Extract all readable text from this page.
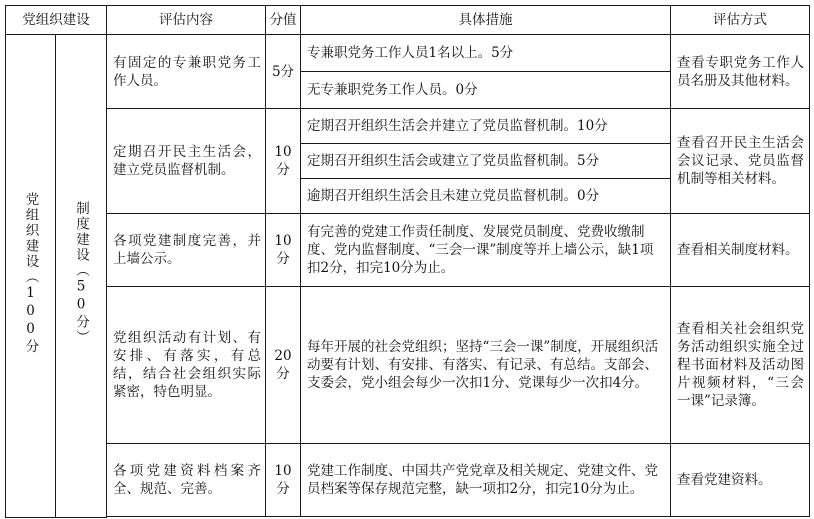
党组织建设		评估内容	分值	具体措施	评估方式
党组织建设（100分	制度建设（50分）	有固定的专兼职党务工作人员。	5分	专兼职党务工作人员1名以上。5分	查看专职党务工作人员名册及其他材料。
				无专兼职党务工作人员。0分	
		定期召开民主生活会，建立党员监督机制。	10分	定期召开组织生活会并建立了党员监督机制。10分	查看召开民主生活会会议记录、党员监督机制等相关材料。
				定期召开组织生活会或建立了党员监督机制。5分	
				逾期召开组织生活会且未建立党员监督机制。0分	
		各项党建制度完善，并上墙公示。	10分	有完善的党建工作责任制度、发展党员制度、党费收缴制度、党内监督制度、“三会一课”制度等并上墙公示，缺1项扣2分，扣完10分为止。	查看相关制度材料。
		党组织活动有计划、有安排、有落实，有总结，结合社会组织实际紧密，特色明显。	20分	每年开展的社会党组织；坚持“三会一课”制度，开展组织活动要有计划、有安排、有落实、有记录、有总结。支部会、支委会，党小组会每少一次扣1分、党课每少一次扣4分。	查看相关社会组织党务活动组织实施全过程书面材料及活动图片视频材料，“三会一课”记录簿。
		各项党建资料档案齐全、规范、完善。	10分	党建工作制度、中国共产党党章及相关规定、党建文件、党员档案等保存规范完整，缺一项扣2分，扣完10分为止。	查看党建资料。
